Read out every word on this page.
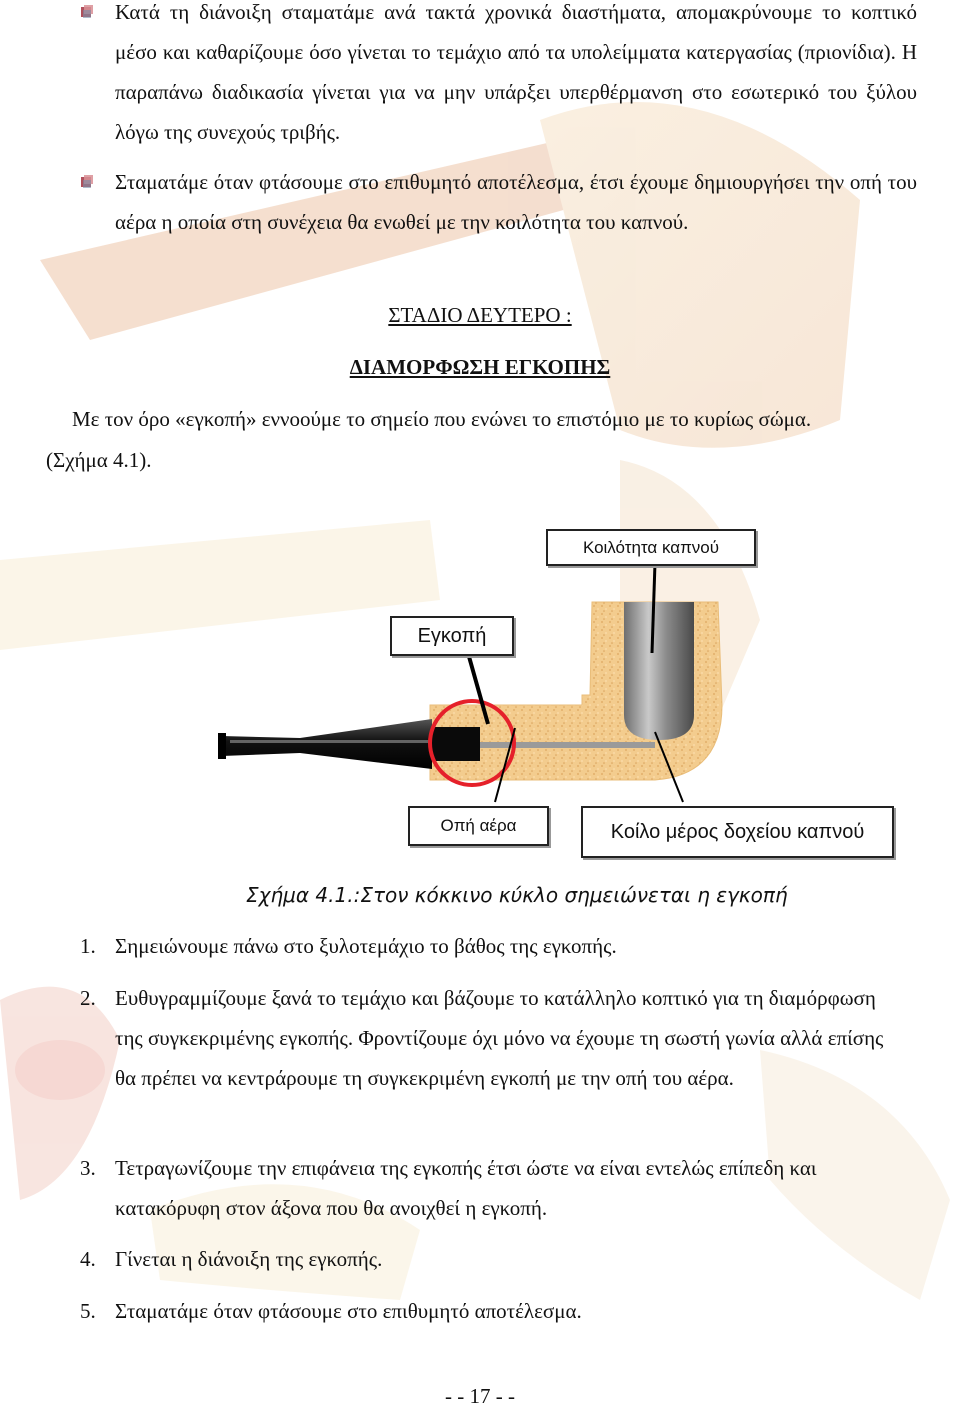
Κατά τη διάνοιξη σταματάμε ανά τακτά χρονικά διαστήματα, απομακρύνουμε το κοπτικό μέσο και καθαρίζουμε όσο γίνεται το τεμάχιο από τα υπολείμματα κατεργασίας (πριονίδια). Η παραπάνω διαδικασία γίνεται για να μην υπάρξει υπερθέρμανση στο εσωτερικό του ξύλου λόγω της συνεχούς τριβής.

Σταματάμε όταν φτάσουμε στο επιθυμητό αποτέλεσμα, έτσι έχουμε δημιουργήσει την οπή του αέρα η οποία στη συνέχεια θα ενωθεί με την κοιλότητα του καπνού.

ΣΤΑΔΙΟ ΔΕΥΤΕΡΟ :
ΔΙΑΜΟΡΦΩΣΗ ΕΓΚΟΠΗΣ
Με τον όρο «εγκοπή» εννοούμε το σημείο που ενώνει το επιστόμιο με το κυρίως σώμα.
(Σχήμα 4.1).
Κοιλότητα καπνού
Εγκοπή
Οπή αέρα	Κοίλο μέρος δοχείου καπνού
Σχήμα 4.1.:Στον κόκκινο κύκλο σημειώνεται η εγκοπή
1. Σημειώνουμε πάνω στο ξυλοτεμάχιο το βάθος της εγκοπής.
2. Ευθυγραμμίζουμε ξανά το τεμάχιο και βάζουμε το κατάλληλο κοπτικό για τη διαμόρφωση της συγκεκριμένης εγκοπής. Φροντίζουμε όχι μόνο να έχουμε τη σωστή γωνία αλλά επίσης θα πρέπει να κεντράρουμε τη συγκεκριμένη εγκοπή με την οπή του αέρα.
3. Τετραγωνίζουμε την επιφάνεια της εγκοπής έτσι ώστε να είναι εντελώς επίπεδη και κατακόρυφη στον άξονα που θα ανοιχθεί η εγκοπή.
4. Γίνεται η διάνοιξη της εγκοπής.
5. Σταματάμε όταν φτάσουμε στο επιθυμητό αποτέλεσμα.
- - 17 - -
